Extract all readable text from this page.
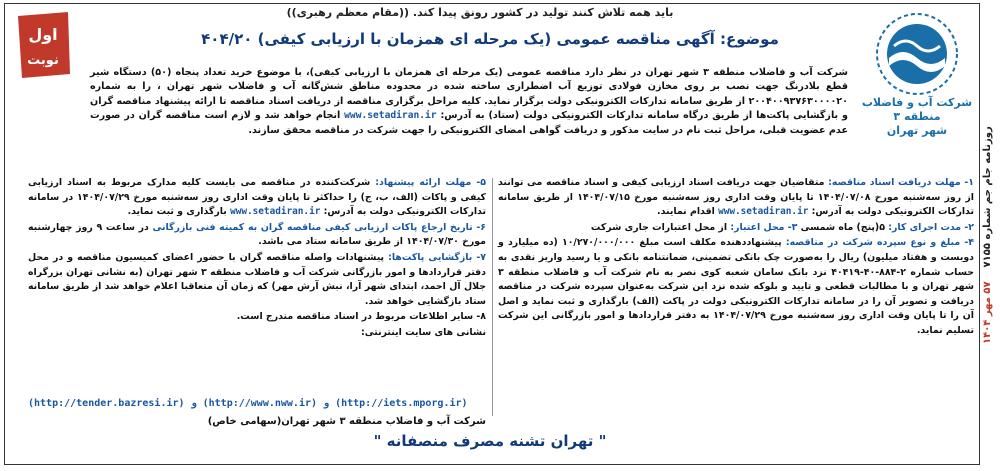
روزنامه جام جم شماره ۷۱۵۵    ۵۷ مهر ۱۴۰۴
اول
نوبت
شرکت آب و فاضلاب
منطقه ۳
شهر تهران
باید همه تلاش کنند تولید در کشور رونق پیدا کند. ((مقام معظم رهبری))
موضوع: آگهی مناقصه عمومی (یک مرحله ای همزمان با ارزیابی کیفی) ۴۰۴/۲۰
شرکت آب و فاضلاب منطقه ۳ شهر تهران در نظر دارد مناقصه عمومی (یک مرحله ای همزمان با ارزیابی کیفی)، با موضوع خرید تعداد پنجاه (۵۰) دستگاه شیر قطع بلادرنگ جهت نصب بر روی مخازن فولادی توزیع آب اضطراری ساخته شده در محدوده مناطق شش‌گانه آب و فاضلاب شهر تهران ، را به شماره ۲۰۰۴۰۰۹۳۷۶۳۰۰۰۰۲۰ از طریق سامانه تدارکات الکترونیکی دولت برگزار نماید. کلیه مراحل برگزاری مناقصه از دریافت اسناد مناقصه تا ارائه پیشنهاد مناقصه گران و بازگشایی پاکت‌ها از طریق درگاه سامانه تدارکات الکترونیکی دولت (ستاد) به آدرس: www.setadiran.ir انجام خواهد شد و لازم است مناقصه گران در صورت عدم عضویت قبلی، مراحل ثبت نام در سایت مذکور و دریافت گواهی امضای الکترونیکی را جهت شرکت در مناقصه محقق سازند.

۱- مهلت دریافت اسناد مناقصه: متقاضیان جهت دریافت اسناد ارزیابی کیفی و اسناد مناقصه می توانند از روز سه‌شنبه مورخ ۱۴۰۴/۰۷/۰۸ تا پایان وقت اداری روز سه‌شنبه مورخ ۱۴۰۴/۰۷/۱۵ از طریق سامانه تدارکات الکترونیکی دولت به آدرس: www.setadiran.ir اقدام نمایند.

۲- مدت اجرای کار: ۵(پنج) ماه شمسی ۳- محل اعتبار: از محل اعتبارات جاری شرکت

۴- مبلغ و نوع سپرده شرکت در مناقصه: پیشنهاددهنده مکلف است مبلغ ۱۰/۲۷۰/۰۰۰/۰۰۰ (ده میلیارد و دویست و هفتاد میلیون) ریال را به‌صورت چک بانکی تضمینی، ضمانتنامه بانکی و یا رسید واریز نقدی به حساب شماره ۲-۸۸۴-۴۰-۴۰۴۱۹ نزد بانک سامان شعبه کوی نصر به نام شرکت آب و فاضلاب منطقه ۳ شهر تهران و با مطالبات قطعی و تایید و بلوکه شده نزد این شرکت به‌عنوان سپرده شرکت در مناقصه دریافت و تصویر آن را در سامانه تدارکات الکترونیکی دولت در پاکت (الف) بارگذاری و ثبت نماید و اصل آن را تا پایان وقت اداری روز سه‌شنبه مورخ ۱۴۰۴/۰۷/۲۹ به دفتر قراردادها و امور بازرگانی این شرکت تسلیم نماید.

۵- مهلت ارائه پیشنهاد: شرکت‌کننده در مناقصه می بایست کلیه مدارک مربوط به اسناد ارزیابی کیفی و پاکات (الف، ب، ج) را حداکثر تا پایان وقت اداری روز سه‌شنبه مورخ ۱۴۰۴/۰۷/۲۹ در سامانه تدارکات الکترونیکی دولت به آدرس: www.setadiran.ir بارگذاری و ثبت نماید.

۶- تاریخ ارجاع پاکات ارزیابی کیفی مناقصه گران به کمیته فنی بازرگانی در ساعت ۹ روز چهارشنبه مورخ ۱۴۰۴/۰۷/۳۰ از طریق سامانه ستاد می باشد.

۷- بازگشایی پاکت‌ها: پیشنهادات واصله مناقصه گران با حضور اعضای کمیسیون مناقصه و در محل دفتر قراردادها و امور بازرگانی شرکت آب و فاضلاب منطقه ۳ شهر تهران (به نشانی تهران بزرگراه جلال آل احمد، ابتدای شهر آرا، نبش آرش مهر) که زمان آن متعاقبا اعلام خواهد شد از طریق سامانه ستاد بازگشایی خواهد شد.

۸- سایر اطلاعات مربوط در اسناد مناقصه مندرج است.

نشانی های سایت اینترنتی:

(http://tender.bazresi.ir) و (http://www.nww.ir) و (http://iets.mporg.ir)
شرکت آب و فاضلاب منطقه ۳ شهر تهران(سهامی خاص)
" تهران تشنه مصرف منصفانه "
